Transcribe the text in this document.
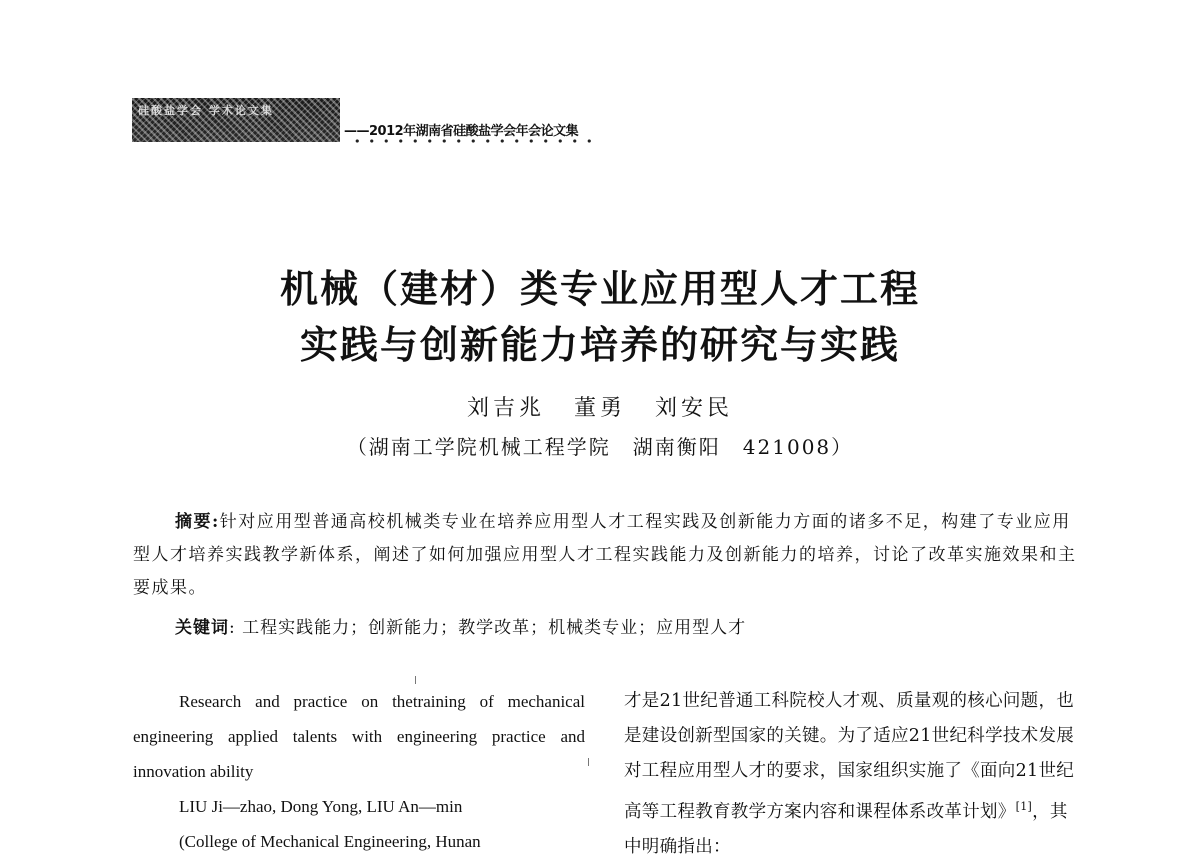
硅酸盐学会 学术论文集
——2012年湖南省硅酸盐学会年会论文集
机械（建材）类专业应用型人才工程
实践与创新能力培养的研究与实践
刘吉兆 董勇 刘安民
（湖南工学院机械工程学院　湖南衡阳　421008）

摘要:针对应用型普通高校机械类专业在培养应用型人才工程实践及创新能力方面的诸多不足，构建了专业应用型人才培养实践教学新体系，阐述了如何加强应用型人才工程实践能力及创新能力的培养，讨论了改革实施效果和主要成果。

关键词: 工程实践能力；创新能力；教学改革；机械类专业；应用型人才

Research and practice on thetraining of mechanical engineering applied talents with engineering practice and innovation ability

LIU Ji—zhao, Dong Yong, LIU An—min

(College of Mechanical Engineering, Hunan

才是21世纪普通工科院校人才观、质量观的核心问题，也是建设创新型国家的关键。为了适应21世纪科学技术发展对工程应用型人才的要求，国家组织实施了《面向21世纪高等工程教育教学方案内容和课程体系改革计划》[1]，其中明确指出：
